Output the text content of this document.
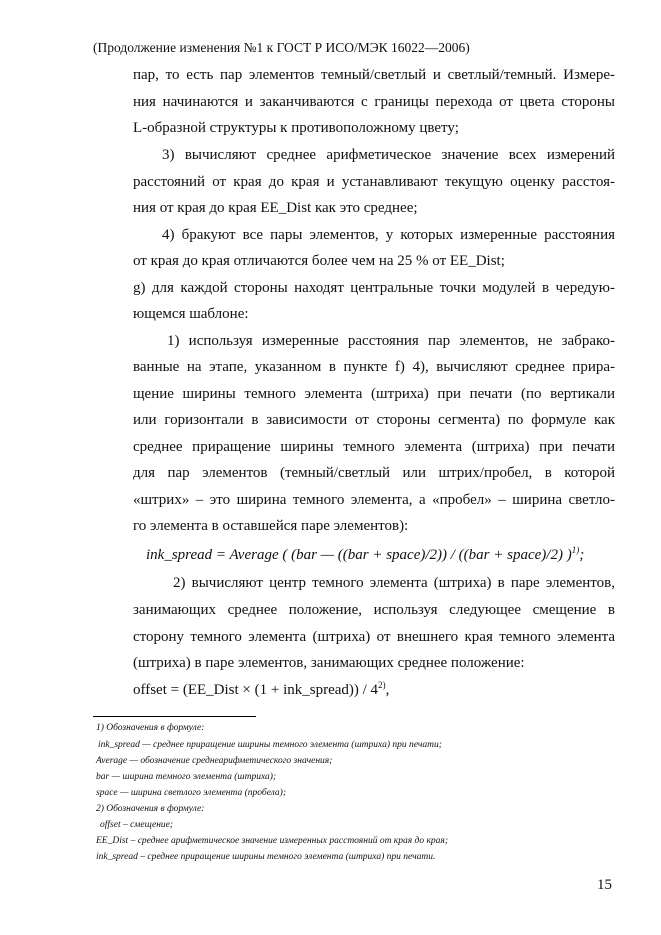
(Продолжение изменения №1 к ГОСТ Р ИСО/МЭК 16022—2006)
пар, то есть пар элементов темный/светлый и светлый/темный. Измере-
ния начинаются и заканчиваются с границы перехода от цвета стороны
L-образной структуры к противоположному цвету;
3) вычисляют среднее арифметическое значение всех измерений
расстояний от края до края и устанавливают текущую оценку расстоя-
ния от края до края EE_Dist как это среднее;
4) бракуют все пары элементов, у которых измеренные расстояния
от края до края отличаются более чем на 25 % от EE_Dist;
g) для каждой стороны находят центральные точки модулей в чередую-
ющемся шаблоне:
1) используя измеренные расстояния пар элементов, не забрако-
ванные на этапе, указанном в пункте f) 4), вычисляют среднее прира-
щение ширины темного элемента (штриха) при печати (по вертикали
или горизонтали в зависимости от стороны сегмента) по формуле как
среднее приращение ширины темного элемента (штриха) при печати
для пар элементов (темный/светлый или штрих/пробел, в которой
«штрих» – это ширина темного элемента, а «пробел» – ширина светло-
го элемента в оставшейся паре элементов):
ink_spread = Average ( (bar — ((bar + space)/2)) / ((bar + space)/2) )$^{1)}$;
2) вычисляют центр темного элемента (штриха) в паре элементов,
занимающих среднее положение, используя следующее смещение в
сторону темного элемента (штриха) от внешнего края темного элемента
(штриха) в паре элементов, занимающих среднее положение:
offset = (EE_Dist × (1 + ink_spread)) / 4$^{2)}$,
1) Обозначения в формуле:
ink_spread — среднее приращение ширины темного элемента (штриха) при печати;
Average — обозначение среднеарифметического значения;
bar — ширина темного элемента (штриха);
space — ширина светлого элемента (пробела);
2) Обозначения в формуле:
offset – смещение;
EE_Dist – среднее арифметическое значение измеренных расстояний от края до края;
ink_spread – среднее приращение ширины темного элемента (штриха) при печати.
15
